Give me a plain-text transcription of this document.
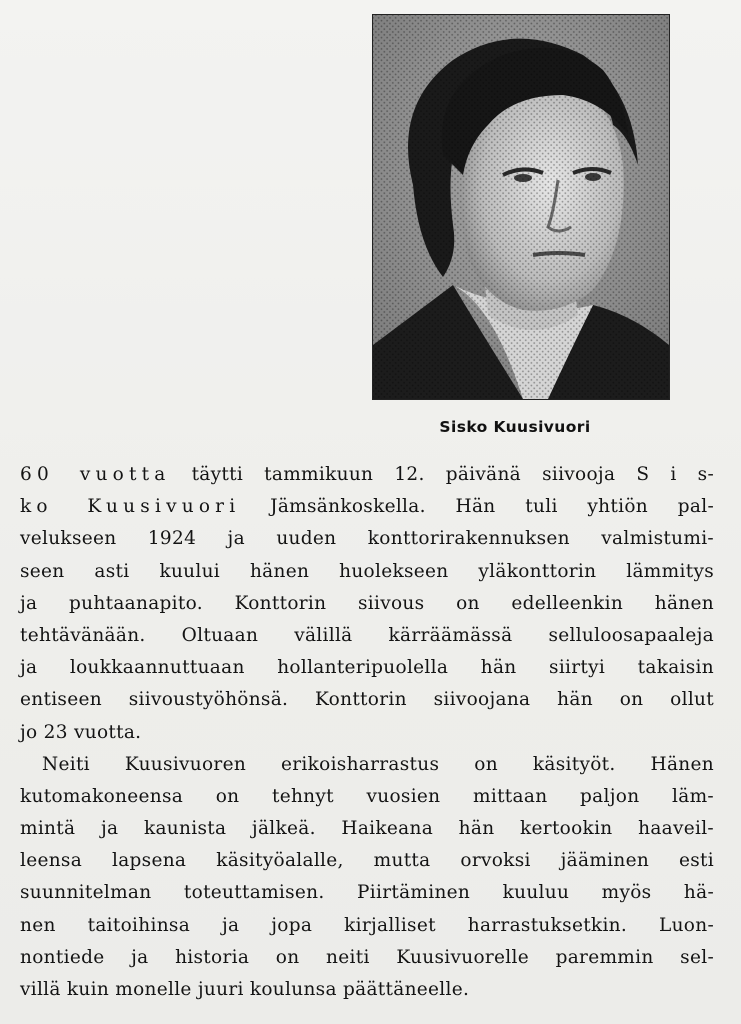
Sisko Kuusivuori
60 vuotta täytti tammikuun 12. päivänä siivooja S i s-
ko Kuusivuori Jämsänkoskella. Hän tuli yhtiön pal-
velukseen 1924 ja uuden konttorirakennuksen valmistumi-
seen asti kuului hänen huolekseen yläkonttorin lämmitys
ja puhtaanapito. Konttorin siivous on edelleenkin hänen
tehtävänään. Oltuaan välillä kärräämässä selluloosapaaleja
ja loukkaannuttuaan hollanteripuolella hän siirtyi takaisin
entiseen siivoustyöhönsä. Konttorin siivoojana hän on ollut
jo 23 vuotta.
Neiti Kuusivuoren erikoisharrastus on käsityöt. Hänen
kutomakoneensa on tehnyt vuosien mittaan paljon läm-
mintä ja kaunista jälkeä. Haikeana hän kertookin haaveil-
leensa lapsena käsityöalalle, mutta orvoksi jääminen esti
suunnitelman toteuttamisen. Piirtäminen kuuluu myös hä-
nen taitoihinsa ja jopa kirjalliset harrastuksetkin. Luon-
nontiede ja historia on neiti Kuusivuorelle paremmin sel-
villä kuin monelle juuri koulunsa päättäneelle.
